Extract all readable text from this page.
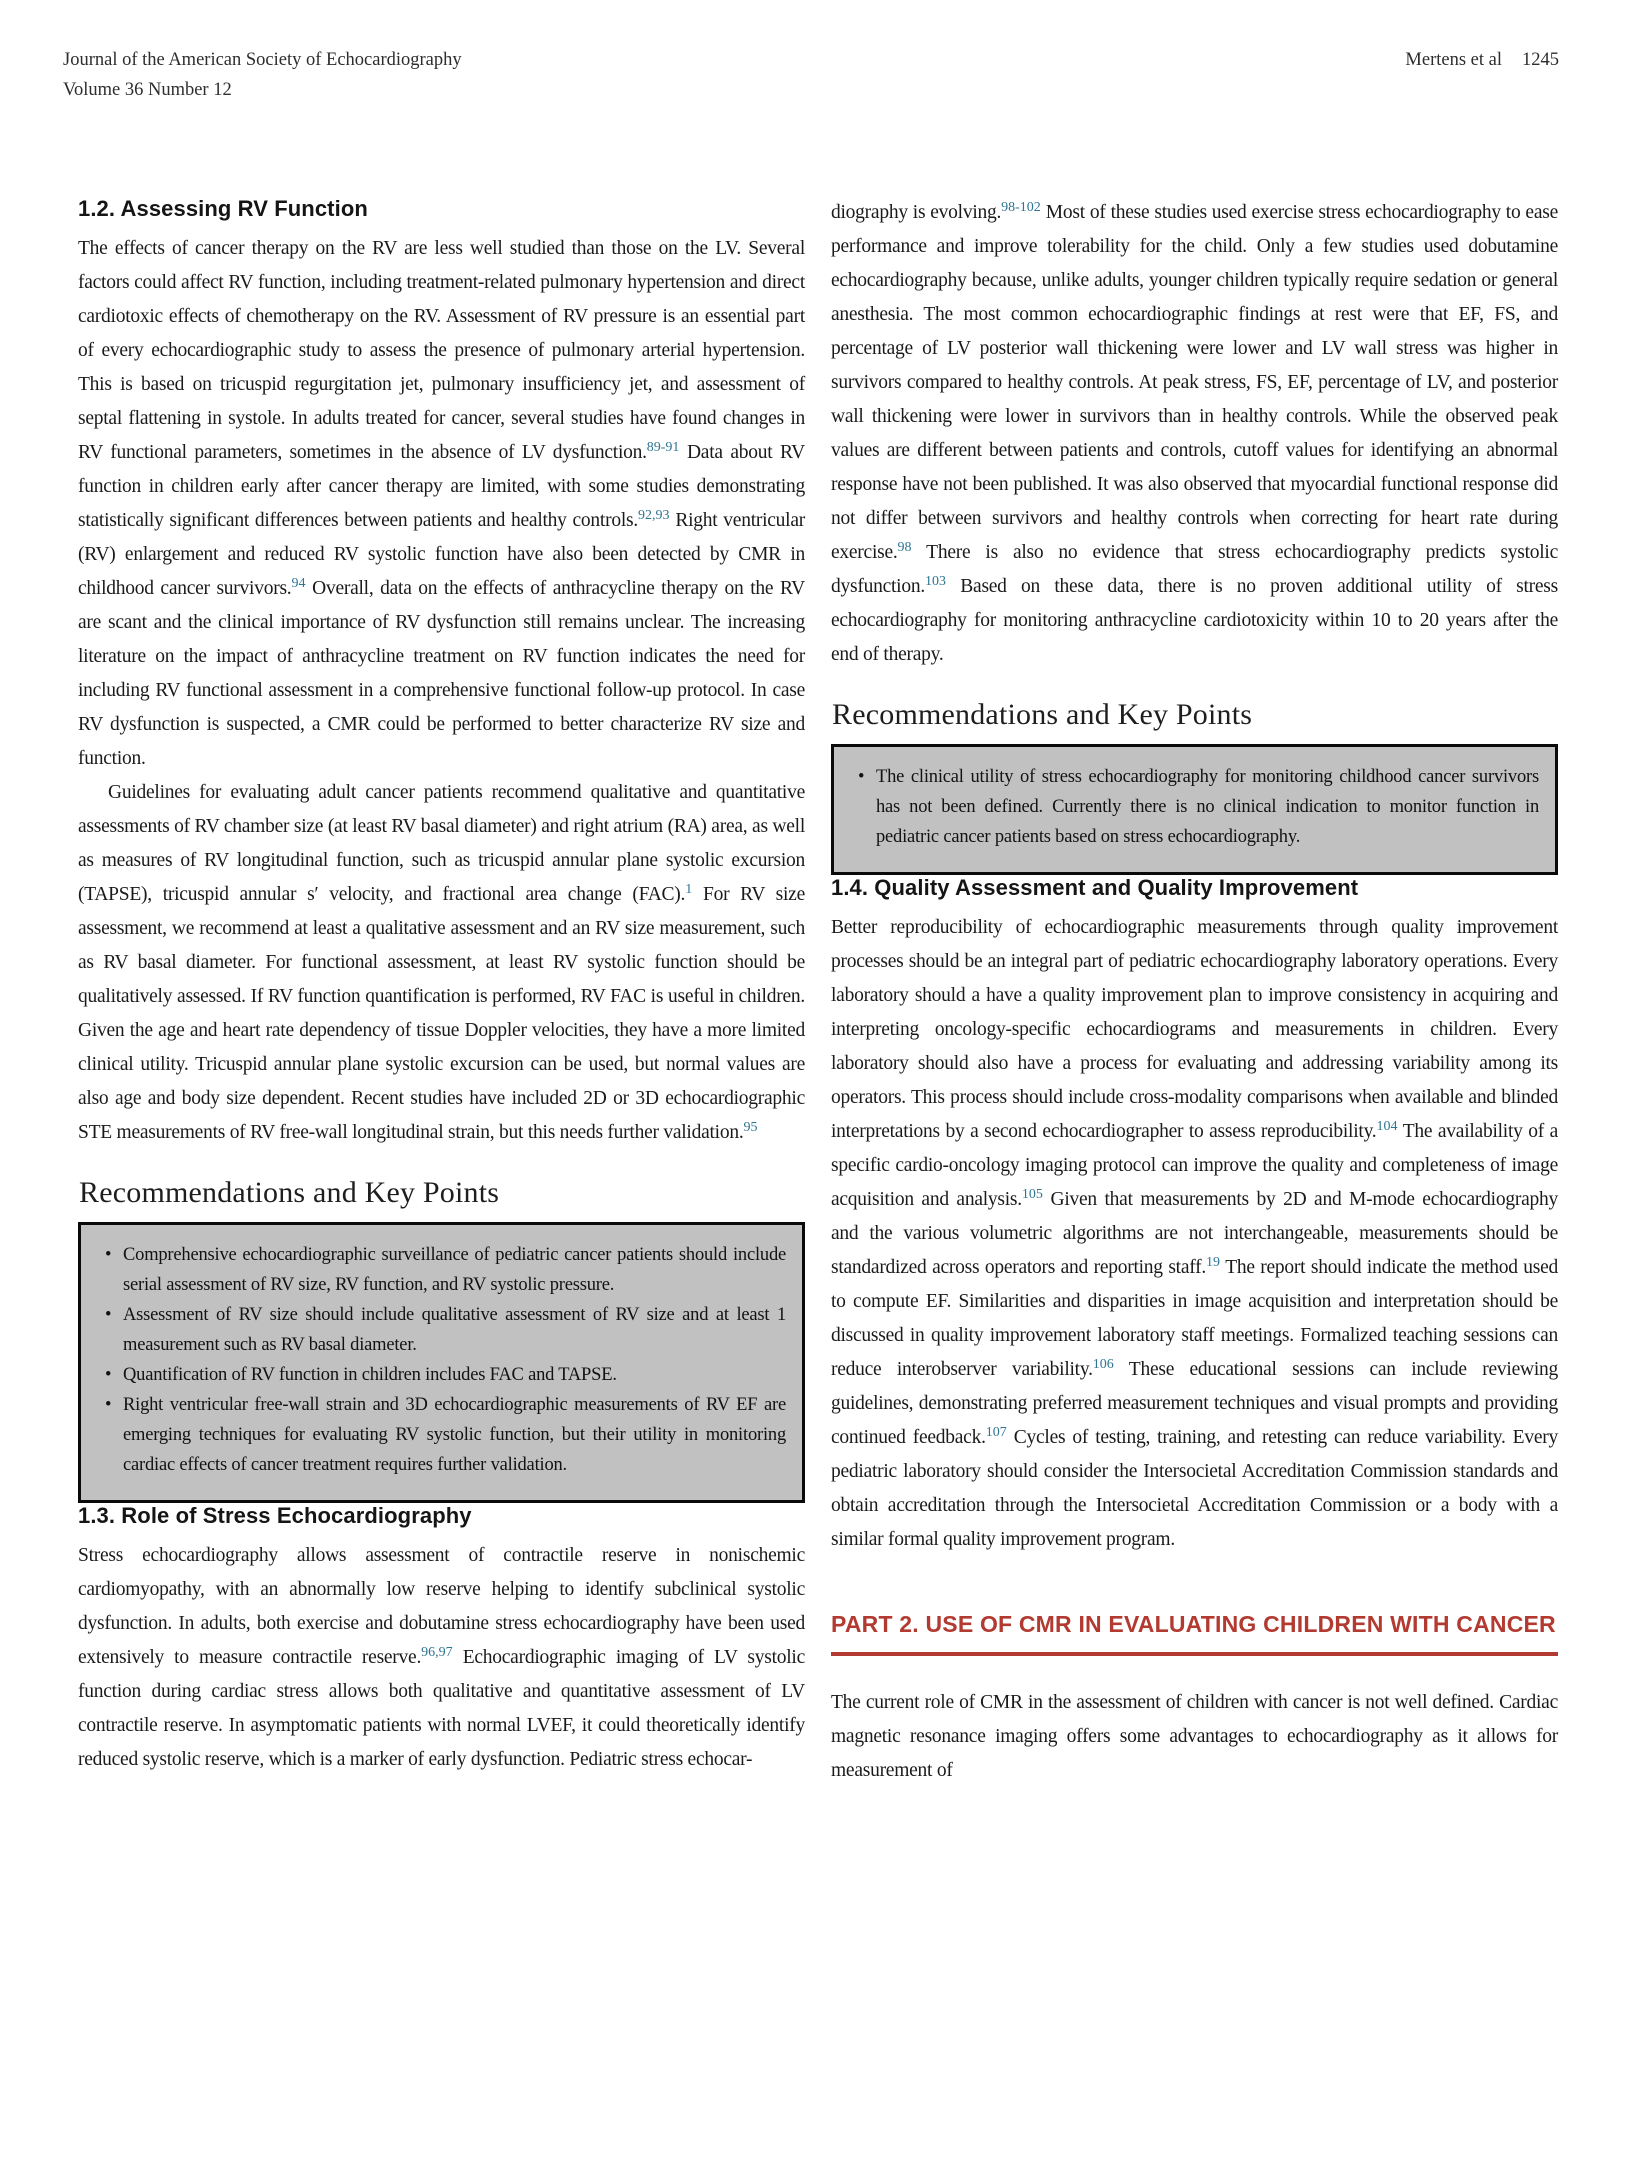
Journal of the American Society of Echocardiography
Volume 36 Number 12
Mertens et al 1245
1.2. Assessing RV Function

The effects of cancer therapy on the RV are less well studied than those on the LV. Several factors could affect RV function, including treatment-related pulmonary hypertension and direct cardiotoxic effects of chemotherapy on the RV. Assessment of RV pressure is an essential part of every echocardiographic study to assess the presence of pulmonary arterial hypertension. This is based on tricuspid regurgitation jet, pulmonary insufficiency jet, and assessment of septal flattening in systole. In adults treated for cancer, several studies have found changes in RV functional parameters, sometimes in the absence of LV dysfunction.$^{89-91}$ Data about RV function in children early after cancer therapy are limited, with some studies demonstrating statistically significant differences between patients and healthy controls.$^{92,93}$ Right ventricular (RV) enlargement and reduced RV systolic function have also been detected by CMR in childhood cancer survivors.$^{94}$ Overall, data on the effects of anthracycline therapy on the RV are scant and the clinical importance of RV dysfunction still remains unclear. The increasing literature on the impact of anthracycline treatment on RV function indicates the need for including RV functional assessment in a comprehensive functional follow-up protocol. In case RV dysfunction is suspected, a CMR could be performed to better characterize RV size and function.

Guidelines for evaluating adult cancer patients recommend qualitative and quantitative assessments of RV chamber size (at least RV basal diameter) and right atrium (RA) area, as well as measures of RV longitudinal function, such as tricuspid annular plane systolic excursion (TAPSE), tricuspid annular s′ velocity, and fractional area change (FAC).$^1$ For RV size assessment, we recommend at least a qualitative assessment and an RV size measurement, such as RV basal diameter. For functional assessment, at least RV systolic function should be qualitatively assessed. If RV function quantification is performed, RV FAC is useful in children. Given the age and heart rate dependency of tissue Doppler velocities, they have a more limited clinical utility. Tricuspid annular plane systolic excursion can be used, but normal values are also age and body size dependent. Recent studies have included 2D or 3D echocardiographic STE measurements of RV free-wall longitudinal strain, but this needs further validation.$^{95}$

Recommendations and Key Points
• Comprehensive echocardiographic surveillance of pediatric cancer patients should include serial assessment of RV size, RV function, and RV systolic pressure.
• Assessment of RV size should include qualitative assessment of RV size and at least 1 measurement such as RV basal diameter.
• Quantification of RV function in children includes FAC and TAPSE.
• Right ventricular free-wall strain and 3D echocardiographic measurements of RV EF are emerging techniques for evaluating RV systolic function, but their utility in monitoring cardiac effects of cancer treatment requires further validation.
1.3. Role of Stress Echocardiography

Stress echocardiography allows assessment of contractile reserve in nonischemic cardiomyopathy, with an abnormally low reserve helping to identify subclinical systolic dysfunction. In adults, both exercise and dobutamine stress echocardiography have been used extensively to measure contractile reserve.$^{96,97}$ Echocardiographic imaging of LV systolic function during cardiac stress allows both qualitative and quantitative assessment of LV contractile reserve. In asymptomatic patients with normal LVEF, it could theoretically identify reduced systolic reserve, which is a marker of early dysfunction. Pediatric stress echocar-

diography is evolving.$^{98-102}$ Most of these studies used exercise stress echocardiography to ease performance and improve tolerability for the child. Only a few studies used dobutamine echocardiography because, unlike adults, younger children typically require sedation or general anesthesia. The most common echocardiographic findings at rest were that EF, FS, and percentage of LV posterior wall thickening were lower and LV wall stress was higher in survivors compared to healthy controls. At peak stress, FS, EF, percentage of LV, and posterior wall thickening were lower in survivors than in healthy controls. While the observed peak values are different between patients and controls, cutoff values for identifying an abnormal response have not been published. It was also observed that myocardial functional response did not differ between survivors and healthy controls when correcting for heart rate during exercise.$^{98}$ There is also no evidence that stress echocardiography predicts systolic dysfunction.$^{103}$ Based on these data, there is no proven additional utility of stress echocardiography for monitoring anthracycline cardiotoxicity within 10 to 20 years after the end of therapy.

Recommendations and Key Points
• The clinical utility of stress echocardiography for monitoring childhood cancer survivors has not been defined. Currently there is no clinical indication to monitor function in pediatric cancer patients based on stress echocardiography.
1.4. Quality Assessment and Quality Improvement

Better reproducibility of echocardiographic measurements through quality improvement processes should be an integral part of pediatric echocardiography laboratory operations. Every laboratory should a have a quality improvement plan to improve consistency in acquiring and interpreting oncology-specific echocardiograms and measurements in children. Every laboratory should also have a process for evaluating and addressing variability among its operators. This process should include cross-modality comparisons when available and blinded interpretations by a second echocardiographer to assess reproducibility.$^{104}$ The availability of a specific cardio-oncology imaging protocol can improve the quality and completeness of image acquisition and analysis.$^{105}$ Given that measurements by 2D and M-mode echocardiography and the various volumetric algorithms are not interchangeable, measurements should be standardized across operators and reporting staff.$^{19}$ The report should indicate the method used to compute EF. Similarities and disparities in image acquisition and interpretation should be discussed in quality improvement laboratory staff meetings. Formalized teaching sessions can reduce interobserver variability.$^{106}$ These educational sessions can include reviewing guidelines, demonstrating preferred measurement techniques and visual prompts and providing continued feedback.$^{107}$ Cycles of testing, training, and retesting can reduce variability. Every pediatric laboratory should consider the Intersocietal Accreditation Commission standards and obtain accreditation through the Intersocietal Accreditation Commission or a body with a similar formal quality improvement program.

PART 2. USE OF CMR IN EVALUATING CHILDREN WITH CANCER

The current role of CMR in the assessment of children with cancer is not well defined. Cardiac magnetic resonance imaging offers some advantages to echocardiography as it allows for measurement of
